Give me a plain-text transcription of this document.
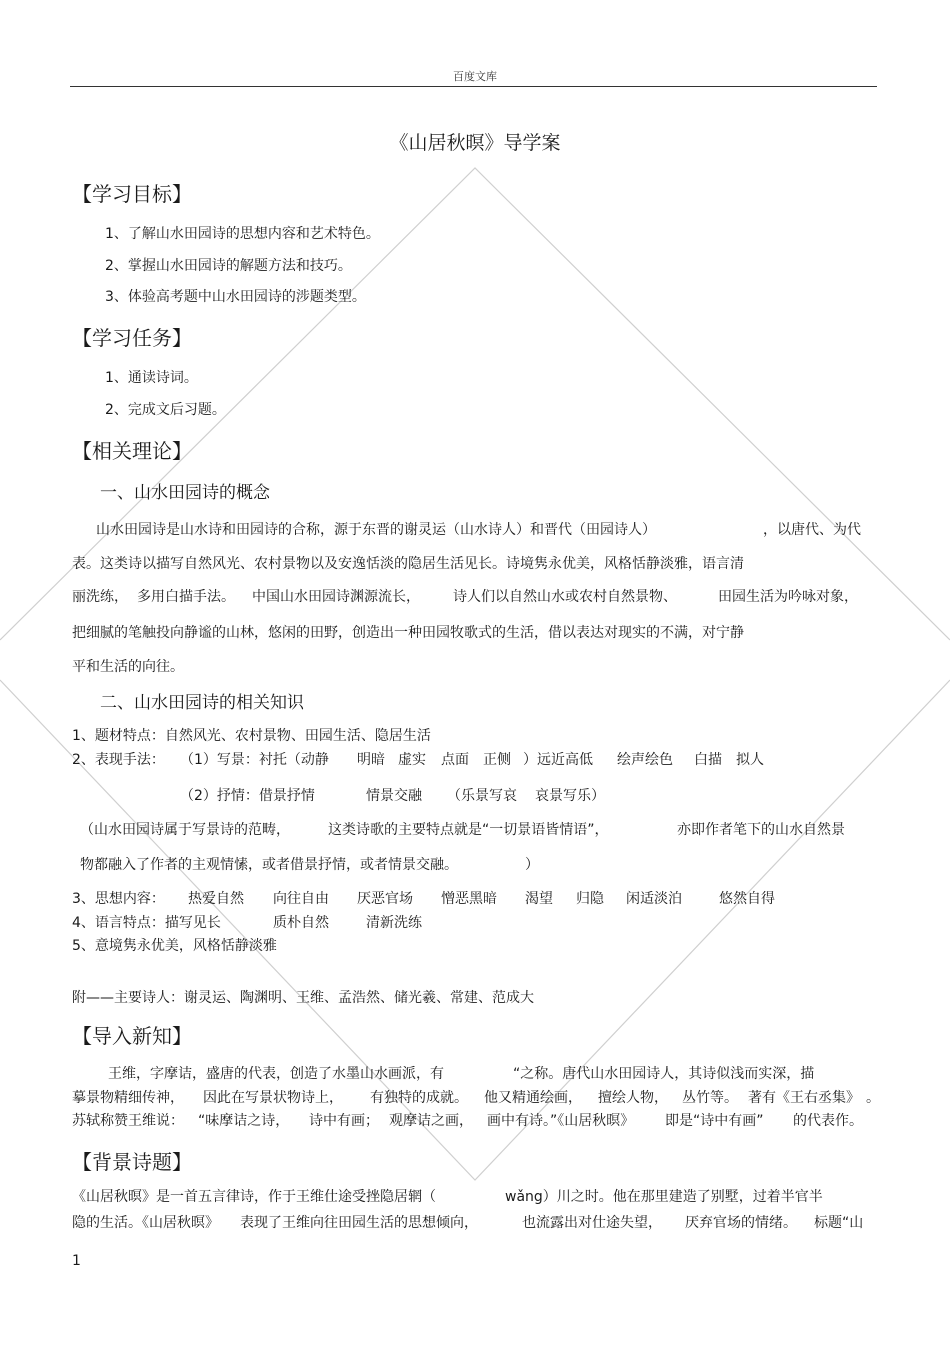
百度文库
《山居秋暝》导学案
【学习目标】
1、了解山水田园诗的思想内容和艺术特色。
2、掌握山水田园诗的解题方法和技巧。
3、体验高考题中山水田园诗的涉题类型。
【学习任务】
1、通读诗词。
2、完成文后习题。
【相关理论】
一、山水田园诗的概念
山水田园诗是山水诗和田园诗的合称，源于东晋的谢灵运（山水诗人）和晋代（田园诗人）	，以唐代、为代
表。这类诗以描写自然风光、农村景物以及安逸恬淡的隐居生活见长。诗境隽永优美，风格恬静淡雅，语言清
丽洗练， 多用白描手法。 中国山水田园诗渊源流长， 诗人们以自然山水或农村自然景物、	田园生活为吟咏对象，
把细腻的笔触投向静谧的山林，悠闲的田野，创造出一种田园牧歌式的生活，借以表达对现实的不满，对宁静
平和生活的向往。
二、山水田园诗的相关知识
1、题材特点：自然风光、农村景物、田园生活、隐居生活
2、表现手法： （1）写景：衬托（动静 明暗 虚实 点面 正侧 ）远近高低 绘声绘色 白描 拟人
（2）抒情：借景抒情	情景交融 （乐景写哀 哀景写乐）
（山水田园诗属于写景诗的范畴，	这类诗歌的主要特点就是“一切景语皆情语”，	亦即作者笔下的山水自然景
物都融入了作者的主观情愫，或者借景抒情，或者情景交融。	）
3、思想内容： 热爱自然 向往自由 厌恶官场 憎恶黑暗 渴望 归隐 闲适淡泊	悠然自得
4、语言特点：描写见长	质朴自然	清新洗练
5、意境隽永优美，风格恬静淡雅
附——主要诗人：谢灵运、陶渊明、王维、孟浩然、储光羲、常建、范成大
【导入新知】
王维，字摩诘，盛唐的代表，创造了水墨山水画派，有	“之称。唐代山水田园诗人，其诗似浅而实深，描
摹景物精细传神， 因此在写景状物诗上， 有独特的成就。 他又精通绘画， 擅绘人物， 丛竹等。 著有《王右丞集》 。
苏轼称赞王维说： “味摩诘之诗， 诗中有画； 观摩诘之画， 画中有诗。”《山居秋暝》 即是“诗中有画” 的代表作。
【背景诗题】
《山居秋暝》是一首五言律诗，作于王维仕途受挫隐居辋（	wǎng）川之时。他在那里建造了别墅，过着半官半
隐的生活。《山居秋暝》 表现了王维向往田园生活的思想倾向，	也流露出对仕途失望， 厌弃官场的情绪。 标题“山
1
